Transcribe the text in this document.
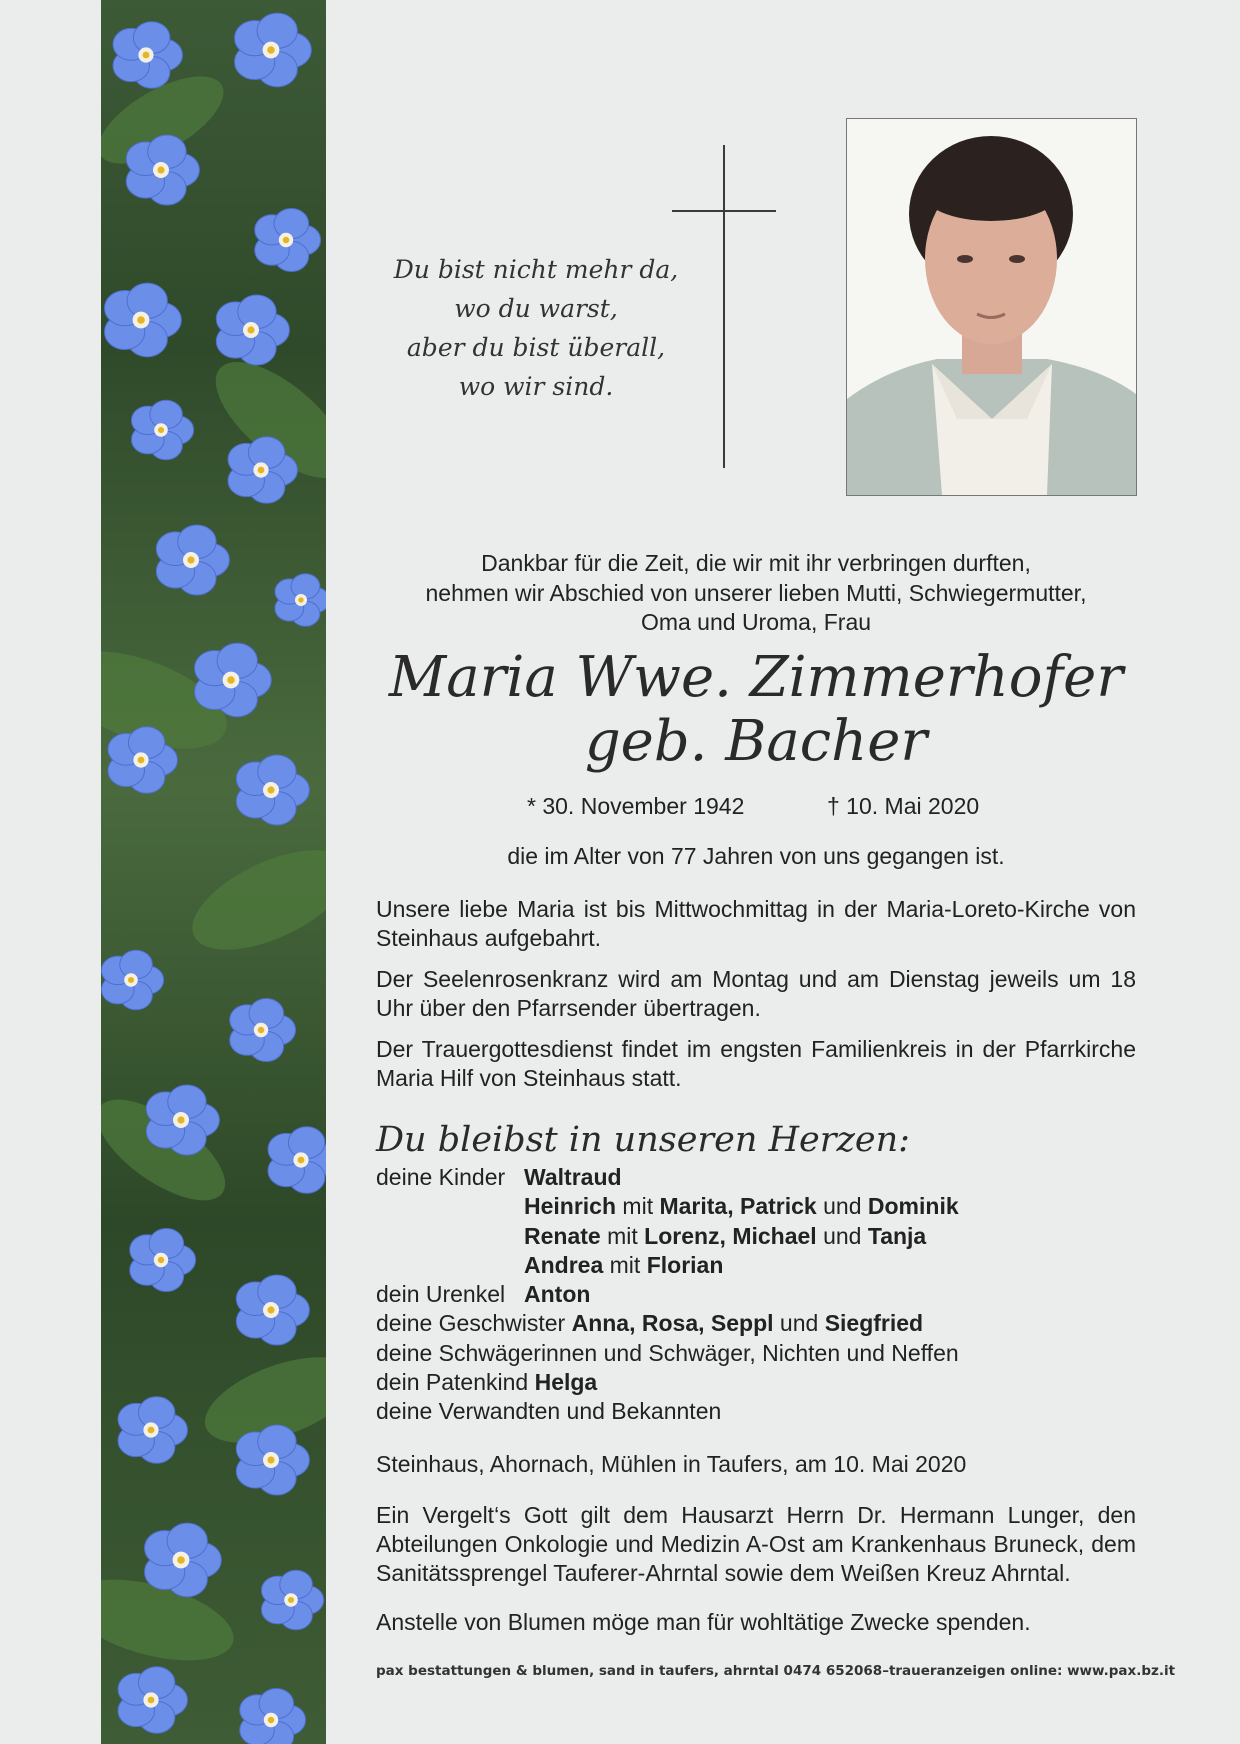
Du bist nicht mehr da,
wo du warst,
aber du bist überall,
wo wir sind.
Dankbar für die Zeit, die wir mit ihr verbringen durften,
nehmen wir Abschied von unserer lieben Mutti, Schwiegermutter,
Oma und Uroma, Frau
Maria Wwe. Zimmerhofer
geb. Bacher
* 30. November 1942	† 10. Mai 2020
die im Alter von 77 Jahren von uns gegangen ist.
Unsere liebe Maria ist bis Mittwochmittag in der Maria-Loreto-Kirche von Steinhaus aufgebahrt.
Der Seelenrosenkranz wird am Montag und am Dienstag jeweils um 18 Uhr über den Pfarrsender übertragen.
Der Trauergottesdienst findet im engsten Familienkreis in der Pfarrkirche Maria Hilf von Steinhaus statt.
Du bleibst in unseren Herzen:
deine Kinder Waltraud
Heinrich mit Marita, Patrick und Dominik
Renate mit Lorenz, Michael und Tanja
Andrea mit Florian
dein Urenkel Anton
deine Geschwister Anna, Rosa, Seppl und Siegfried
deine Schwägerinnen und Schwäger, Nichten und Neffen
dein Patenkind Helga
deine Verwandten und Bekannten
Steinhaus, Ahornach, Mühlen in Taufers, am 10. Mai 2020
Ein Vergelt‘s Gott gilt dem Hausarzt Herrn Dr. Hermann Lunger, den Abteilungen Onkologie und Medizin A-Ost am Krankenhaus Bruneck, dem Sanitätssprengel Tauferer-Ahrntal sowie dem Weißen Kreuz Ahrntal.
Anstelle von Blumen möge man für wohltätige Zwecke spenden.
pax bestattungen & blumen, sand in taufers, ahrntal 0474 652068–traueranzeigen online: www.pax.bz.it
